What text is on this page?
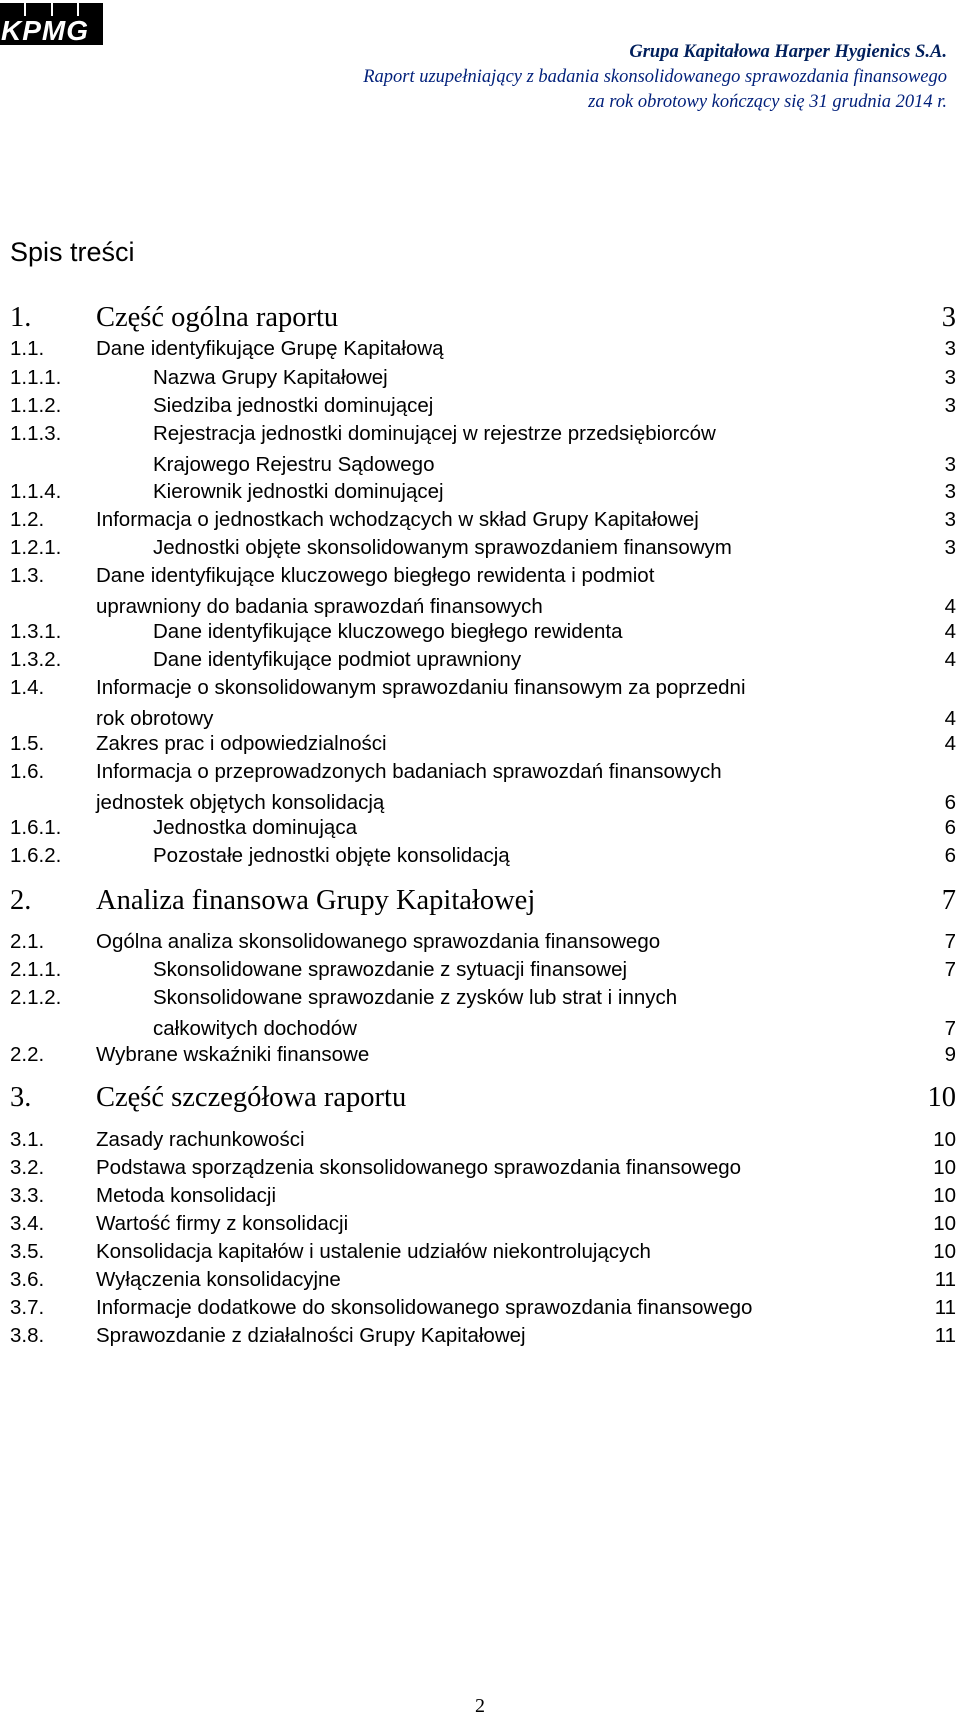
KPMG
Grupa Kapitałowa Harper Hygienics S.A.
Raport uzupełniający z badania skonsolidowanego sprawozdania finansowego
za rok obrotowy kończący się 31 grudnia 2014 r.
Spis treści
1. Część ogólna raportu	3
1.1.	Dane identyfikujące Grupę Kapitałową	3
1.1.1.	Nazwa Grupy Kapitałowej	3
1.1.2.	Siedziba jednostki dominującej	3
1.1.3.	Rejestracja jednostki dominującej w rejestrze przedsiębiorców
Krajowego Rejestru Sądowego	3
1.1.4.	Kierownik jednostki dominującej	3
1.2.	Informacja o jednostkach wchodzących w skład Grupy Kapitałowej	3
1.2.1.	Jednostki objęte skonsolidowanym sprawozdaniem finansowym	3
1.3.	Dane identyfikujące kluczowego biegłego rewidenta i podmiot
uprawniony do badania sprawozdań finansowych	4
1.3.1.	Dane identyfikujące kluczowego biegłego rewidenta	4
1.3.2.	Dane identyfikujące podmiot uprawniony	4
1.4.	Informacje o skonsolidowanym sprawozdaniu finansowym za poprzedni
rok obrotowy	4
1.5.	Zakres prac i odpowiedzialności	4
1.6.	Informacja o przeprowadzonych badaniach sprawozdań finansowych
jednostek objętych konsolidacją	6
1.6.1.	Jednostka dominująca	6
1.6.2.	Pozostałe jednostki objęte konsolidacją	6
2. Analiza finansowa Grupy Kapitałowej	7
2.1.	Ogólna analiza skonsolidowanego sprawozdania finansowego	7
2.1.1.	Skonsolidowane sprawozdanie z sytuacji finansowej	7
2.1.2.	Skonsolidowane sprawozdanie z zysków lub strat i innych
całkowitych dochodów	7
2.2.	Wybrane wskaźniki finansowe	9
3. Część szczegółowa raportu	10
3.1.	Zasady rachunkowości	10
3.2.	Podstawa sporządzenia skonsolidowanego sprawozdania finansowego	10
3.3.	Metoda konsolidacji	10
3.4.	Wartość firmy z konsolidacji	10
3.5.	Konsolidacja kapitałów i ustalenie udziałów niekontrolujących	10
3.6.	Wyłączenia konsolidacyjne	11
3.7.	Informacje dodatkowe do skonsolidowanego sprawozdania finansowego	11
3.8.	Sprawozdanie z działalności Grupy Kapitałowej	11
2
